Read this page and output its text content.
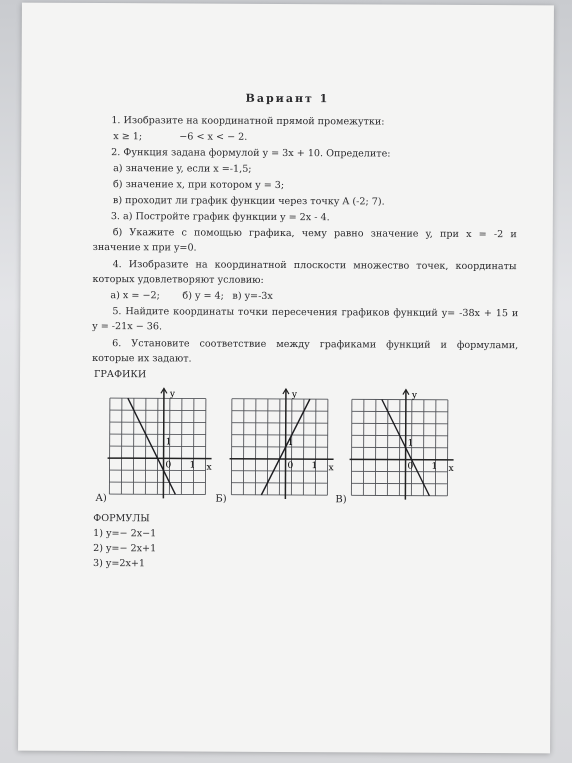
Вариант 1
1. Изобразите на координатной прямой промежутки:
x ≥ 1;	−6 < x < − 2.
2. Функция задана формулой y = 3x + 10. Определите:
а) значение y, если x =-1,5;
б) значение x, при котором y = 3;
в) проходит ли график функции через точку A (-2; 7).
3. а) Постройте график функции y = 2x - 4.
б) Укажите с помощью графика, чему равно значение y, при x = -2 и
значение x при y=0.
4. Изобразите на координатной плоскости множество точек, координаты
которых удовлетворяют условию:
а) x = −2; б) y = 4; в) y=-3x
5. Найдите координаты точки пересечения графиков функций y= -38x + 15 и
y = -21x − 36.
6. Установите соответствие между графиками функций и формулами,
которые их задают.
ГРАФИКИ
y
x
1
0 1
А)
y
x
1
0 1
Б)
y
x
1
0 1
В)
ФОРМУЛЫ
1) y=− 2x−1
2) y=− 2x+1
3) y=2x+1
